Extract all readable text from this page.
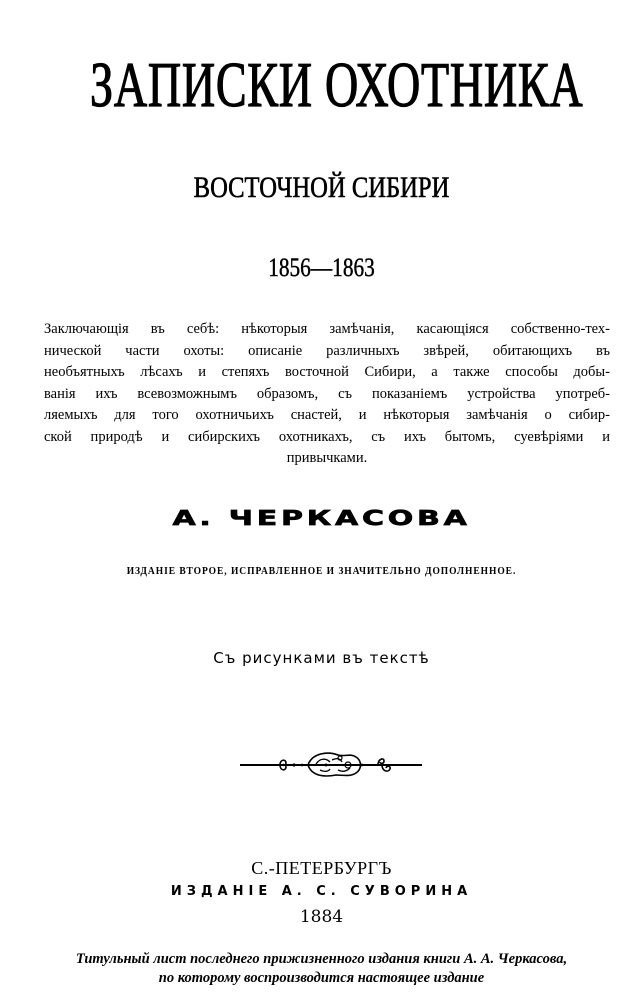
ЗАПИСКИ ОХОТНИКА
ВОСТОЧНОЙ СИБИРИ
1856—1863
Заключающія въ себѣ: нѣкоторыя замѣчанія, касающіяся собственно-тех-
нической части охоты: описаніе различныхъ звѣрей, обитающихъ въ
необъятныхъ лѣсахъ и степяхъ восточной Сибири, а также способы добы-
ванія ихъ всевозможнымъ образомъ, съ показаніемъ устройства употреб-
ляемыхъ для того охотничьихъ снастей, и нѣкоторыя замѣчанія о сибир-
ской природѣ и сибирскихъ охотникахъ, съ ихъ бытомъ, суевѣріями и
привычками.
А. ЧЕРКАСОВА
ИЗДАНІЕ ВТОРОЕ, ИСПРАВЛЕННОЕ И ЗНАЧИТЕЛЬНО ДОПОЛНЕННОЕ.
Съ рисунками въ текстѣ
С.-ПЕТЕРБУРГЪ
ИЗДАНІЕ А. С. СУВОРИНА
1884
Титульный лист последнего прижизненного издания книги А. А. Черкасова,
по которому воспроизводится настоящее издание
